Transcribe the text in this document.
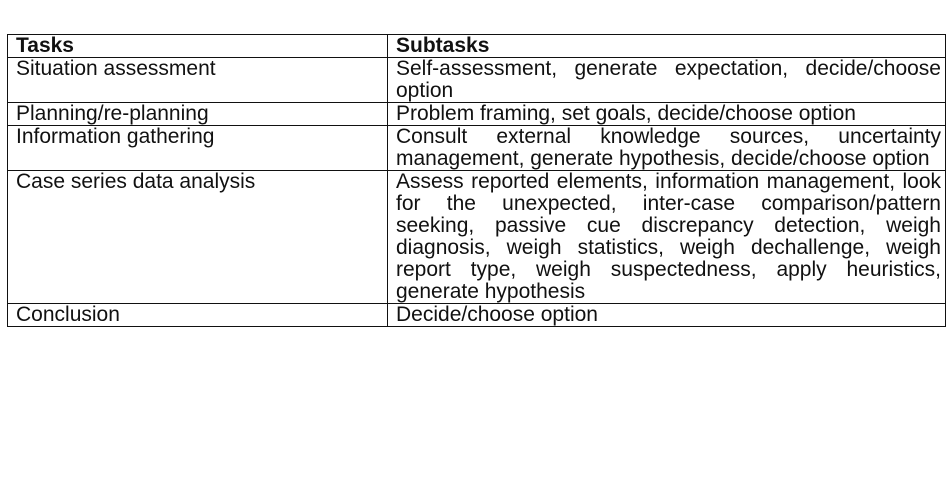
Tasks	Subtasks
Situation assessment	Self-assessment, generate expectation, decide/choose option
Planning/re-planning	Problem framing, set goals, decide/choose option
Information gathering	Consult external knowledge sources, uncertainty management, generate hypothesis, decide/choose option
Case series data analysis	Assess reported elements, information management, look for the unexpected, inter-case comparison/pattern seeking, passive cue discrepancy detection, weigh diagnosis, weigh statistics, weigh dechallenge, weigh report type, weigh suspectedness, apply heuristics, generate hypothesis
Conclusion	Decide/choose option
